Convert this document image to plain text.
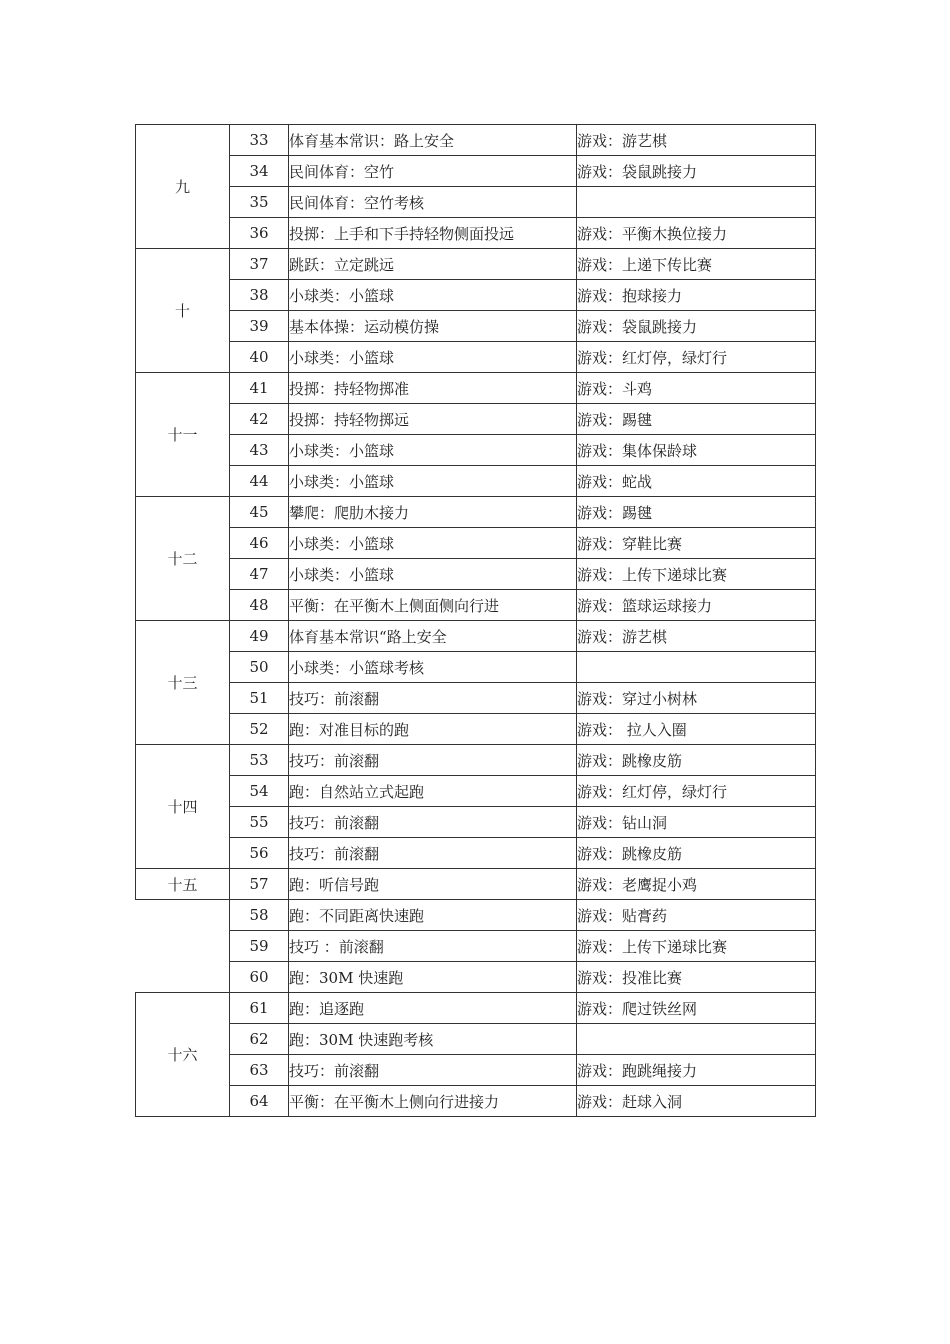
九	33	体育基本常识：路上安全	游戏：游艺棋
	34	民间体育：空竹	游戏：袋鼠跳接力
	35	民间体育：空竹考核	
	36	投掷：上手和下手持轻物侧面投远	游戏：平衡木换位接力
十	37	跳跃：立定跳远	游戏：上递下传比赛
	38	小球类：小篮球	游戏：抱球接力
	39	基本体操：运动模仿操	游戏：袋鼠跳接力
	40	小球类：小篮球	游戏：红灯停，绿灯行
十一	41	投掷：持轻物掷准	游戏：斗鸡
	42	投掷：持轻物掷远	游戏：踢毽
	43	小球类：小篮球	游戏：集体保龄球
	44	小球类：小篮球	游戏：蛇战
十二	45	攀爬：爬肋木接力	游戏：踢毽
	46	小球类：小篮球	游戏：穿鞋比赛
	47	小球类：小篮球	游戏：上传下递球比赛
	48	平衡：在平衡木上侧面侧向行进	游戏：篮球运球接力
十三	49	体育基本常识“路上安全	游戏：游艺棋
	50	小球类：小篮球考核	
	51	技巧：前滚翻	游戏：穿过小树林
	52	跑：对准目标的跑	游戏： 拉人入圈
十四	53	技巧：前滚翻	游戏：跳橡皮筋
	54	跑：自然站立式起跑	游戏：红灯停，绿灯行
	55	技巧：前滚翻	游戏：钻山洞
	56	技巧：前滚翻	游戏：跳橡皮筋
十五	57	跑：听信号跑	游戏：老鹰捉小鸡
	58	跑：不同距离快速跑	游戏：贴膏药
	59	技巧 ：前滚翻	游戏：上传下递球比赛
	60	跑：30M 快速跑	游戏：投准比赛
十六	61	跑：追逐跑	游戏：爬过铁丝网
	62	跑：30M 快速跑考核	
	63	技巧：前滚翻	游戏：跑跳绳接力
	64	平衡：在平衡木上侧向行进接力	游戏：赶球入洞
